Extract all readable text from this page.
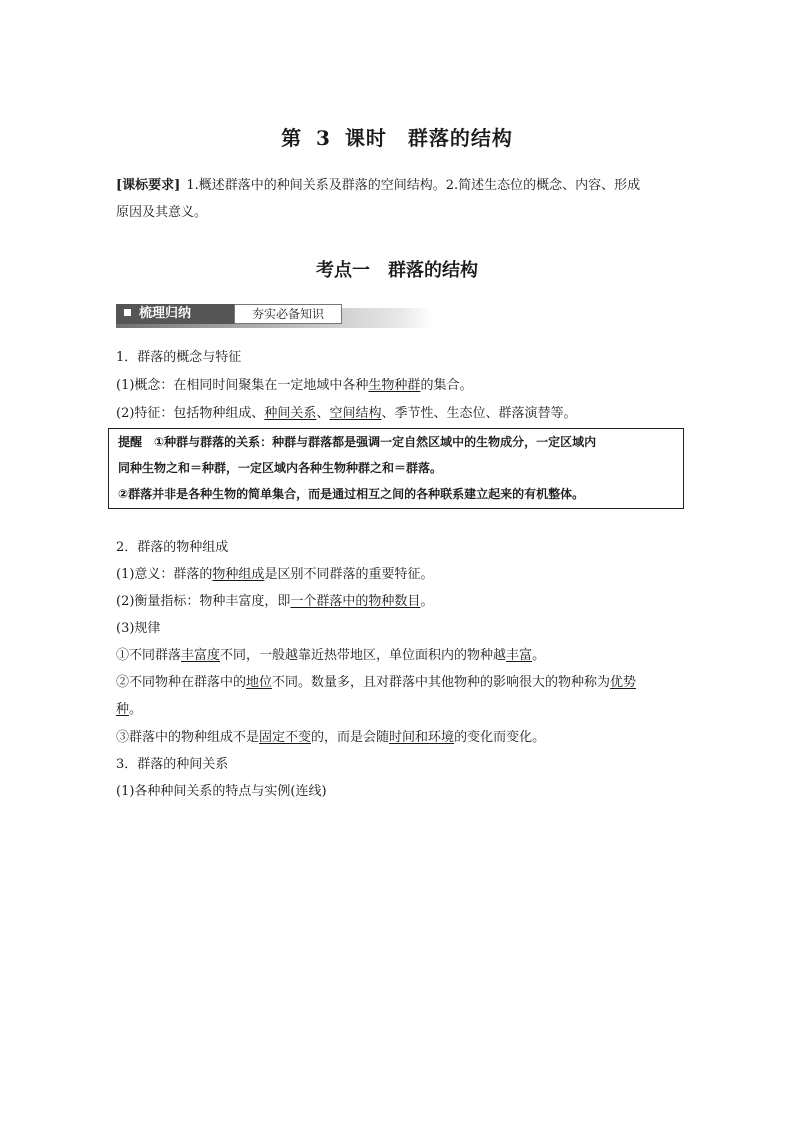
第 3 课时　群落的结构
[课标要求] 1.概述群落中的种间关系及群落的空间结构。2.简述生态位的概念、内容、形成
原因及其意义。
考点一　群落的结构
梳理归纳	夯实必备知识
1．群落的概念与特征
(1)概念：在相同时间聚集在一定地域中各种生物种群的集合。
(2)特征：包括物种组成、种间关系、空间结构、季节性、生态位、群落演替等。
提醒　①种群与群落的关系：种群与群落都是强调一定自然区域中的生物成分，一定区域内
同种生物之和＝种群，一定区域内各种生物种群之和＝群落。
②群落并非是各种生物的简单集合，而是通过相互之间的各种联系建立起来的有机整体。
2．群落的物种组成
(1)意义：群落的物种组成是区别不同群落的重要特征。
(2)衡量指标：物种丰富度，即一个群落中的物种数目。
(3)规律
①不同群落丰富度不同，一般越靠近热带地区，单位面积内的物种越丰富。
②不同物种在群落中的地位不同。数量多，且对群落中其他物种的影响很大的物种称为优势
种。
③群落中的物种组成不是固定不变的，而是会随时间和环境的变化而变化。
3．群落的种间关系
(1)各种种间关系的特点与实例(连线)
